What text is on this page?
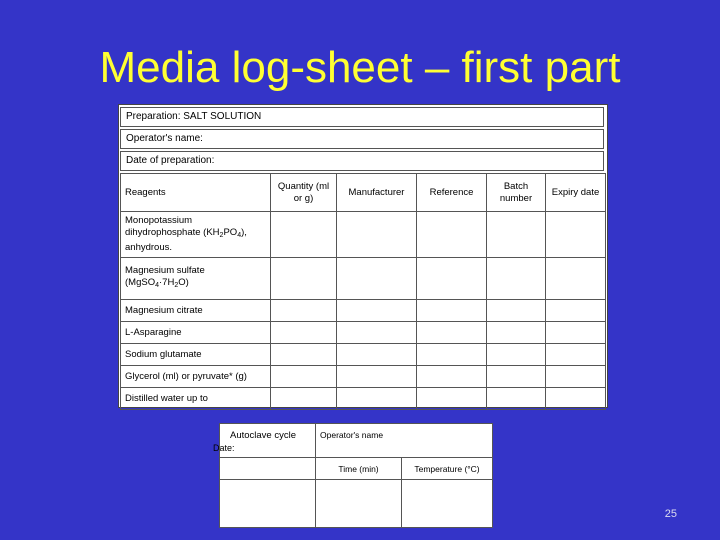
Media log-sheet – first part
Preparation: SALT SOLUTION
Operator's name:
Date of preparation:
Reagents	Quantity (ml or g)	Manufacturer	Reference	Batch number	Expiry date
Monopotassium dihydrophosphate $(KH_2PO_4)$, anhydrous.					
Magnesium sulfate $(MgSO_4\cdot 7H_2O)$					
Magnesium citrate					
L-Asparagine					
Sodium glutamate					
Glycerol (ml) or pyruvate* (g)					
Distilled water up to					
Autoclave cycle
Date:	Operator's name	
	Time (min)	Temperature (°C)

25
